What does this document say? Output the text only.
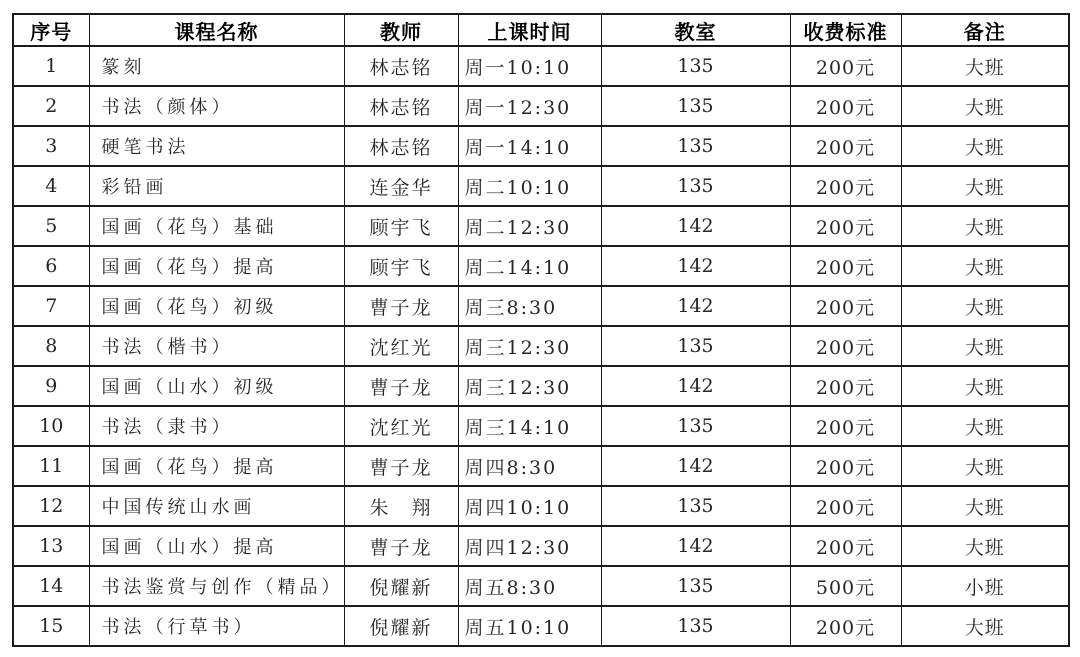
序号	课程名称	教师	上课时间	教室	收费标准	备注
1	篆刻	林志铭	周一10:10	135	200元	大班
2	书法（颜体）	林志铭	周一12:30	135	200元	大班
3	硬笔书法	林志铭	周一14:10	135	200元	大班
4	彩铅画	连金华	周二10:10	135	200元	大班
5	国画（花鸟）基础	顾宇飞	周二12:30	142	200元	大班
6	国画（花鸟）提高	顾宇飞	周二14:10	142	200元	大班
7	国画（花鸟）初级	曹子龙	周三8:30	142	200元	大班
8	书法（楷书）	沈红光	周三12:30	135	200元	大班
9	国画（山水）初级	曹子龙	周三12:30	142	200元	大班
10	书法（隶书）	沈红光	周三14:10	135	200元	大班
11	国画（花鸟）提高	曹子龙	周四8:30	142	200元	大班
12	中国传统山水画	朱　翔	周四10:10	135	200元	大班
13	国画（山水）提高	曹子龙	周四12:30	142	200元	大班
14	书法鉴赏与创作（精品）	倪耀新	周五8:30	135	500元	小班
15	书法（行草书）	倪耀新	周五10:10	135	200元	大班
